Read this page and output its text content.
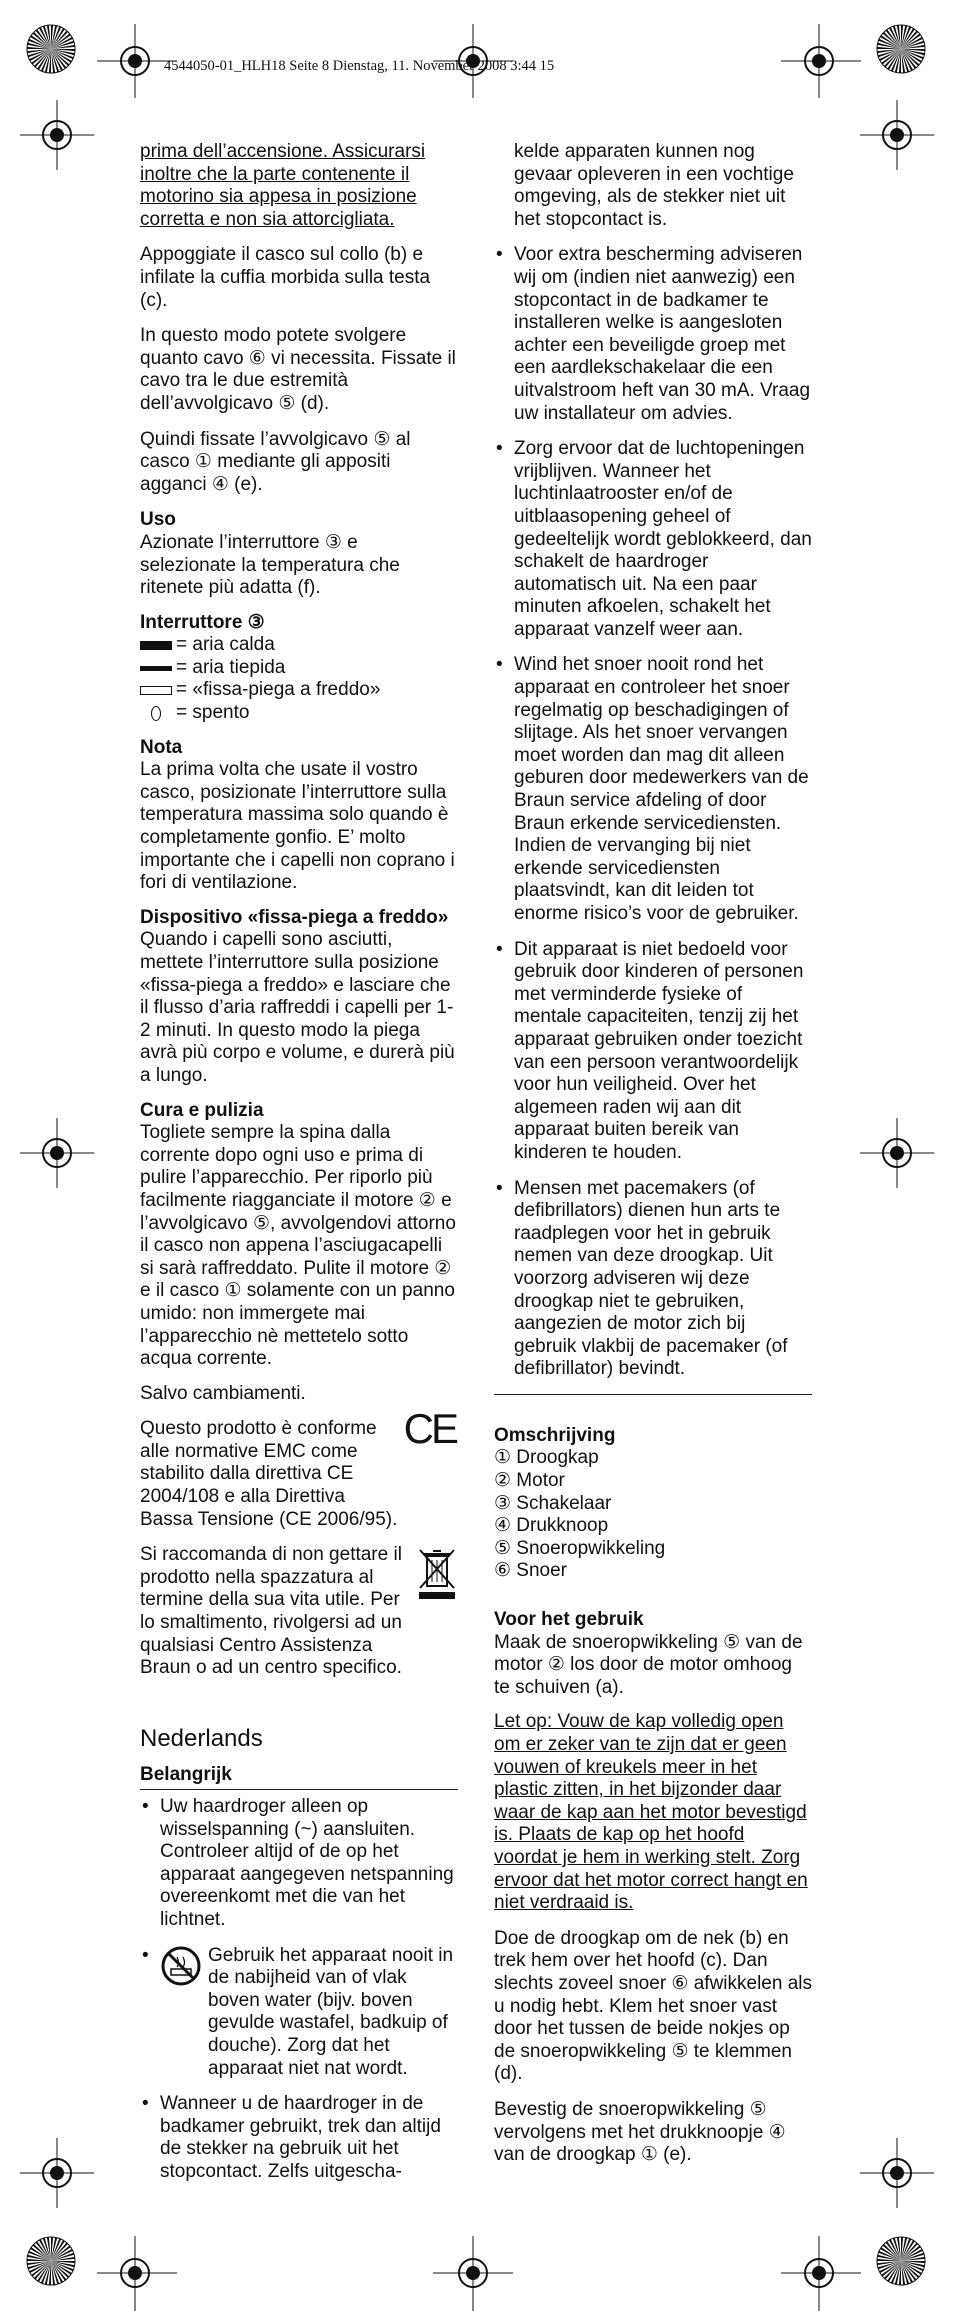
4544050-01_HLH18 Seite 8 Dienstag, 11. November 2008 3:44 15

prima dell’accensione. Assicurarsi inoltre che la parte contenente il motorino sia appesa in posizione corretta e non sia attorcigliata.

Appoggiate il casco sul collo (b) e infilate la cuffia morbida sulla testa (c).

In questo modo potete svolgere quanto cavo ⑥ vi necessita. Fissate il cavo tra le due estremità dell’avvolgicavo ⑤ (d).

Quindi fissate l’avvolgicavo ⑤ al casco ① mediante gli appositi agganci ④ (e).

Uso
Azionate l’interruttore ③ e selezionate la temperatura che ritenete più adatta (f).
Interruttore ③
= aria calda
= aria tiepida
= «fissa-piega a freddo»
= spento
Nota
La prima volta che usate il vostro casco, posizionate l’interruttore sulla temperatura massima solo quando è completamente gonfio. E’ molto importante che i capelli non coprano i fori di ventilazione.
Dispositivo «fissa-piega a freddo»
Quando i capelli sono asciutti, mettete l’interruttore sulla posizione «fissa-piega a freddo» e lasciare che il flusso d’aria raffreddi i capelli per 1-2 minuti. In questo modo la piega avrà più corpo e volume, e durerà più a lungo.
Cura e pulizia
Togliete sempre la spina dalla corrente dopo ogni uso e prima di pulire l’apparecchio. Per riporlo più facilmente riagganciate il motore ② e l’avvolgicavo ⑤, avvolgendovi attorno il casco non appena l’asciugacapelli si sarà raffreddato. Pulite il motore ② e il casco ① solamente con un panno umido: non immergete mai l’apparecchio nè mettetelo sotto acqua corrente.

Salvo cambiamenti.

Questo prodotto è conforme alle normative EMC come stabilito dalla direttiva CE 2004/108 e alla Direttiva Bassa Tensione (CE 2006/95).
CE
Si raccomanda di non gettare il prodotto nella spazzatura al termine della sua vita utile. Per lo smaltimento, rivolgersi ad un qualsiasi Centro Assistenza Braun o ad un centro specifico.
Nederlands
Belangrijk
• Uw haardroger alleen op wisselspanning (~) aansluiten. Controleer altijd of de op het apparaat aangegeven netspanning overeenkomt met die van het lichtnet.
• Gebruik het apparaat nooit in de nabijheid van of vlak boven water (bijv. boven gevulde wastafel, badkuip of douche). Zorg dat het apparaat niet nat wordt.
• Wanneer u de haardroger in de badkamer gebruikt, trek dan altijd de stekker na gebruik uit het stopcontact. Zelfs uitgescha-

kelde apparaten kunnen nog gevaar opleveren in een vochtige omgeving, als de stekker niet uit het stopcontact is.

• Voor extra bescherming adviseren wij om (indien niet aanwezig) een stopcontact in de badkamer te installeren welke is aangesloten achter een beveiligde groep met een aardlekschakelaar die een uitvalstroom heft van 30 mA. Vraag uw installateur om advies.
• Zorg ervoor dat de luchtopeningen vrijblijven. Wanneer het luchtinlaatrooster en/of de uitblaasopening geheel of gedeeltelijk wordt geblokkeerd, dan schakelt de haardroger automatisch uit. Na een paar minuten afkoelen, schakelt het apparaat vanzelf weer aan.
• Wind het snoer nooit rond het apparaat en controleer het snoer regelmatig op beschadigingen of slijtage. Als het snoer vervangen moet worden dan mag dit alleen geburen door medewerkers van de Braun service afdeling of door Braun erkende servicediensten. Indien de vervanging bij niet erkende servicediensten plaatsvindt, kan dit leiden tot enorme risico’s voor de gebruiker.
• Dit apparaat is niet bedoeld voor gebruik door kinderen of personen met verminderde fysieke of mentale capaciteiten, tenzij zij het apparaat gebruiken onder toezicht van een persoon verantwoordelijk voor hun veiligheid. Over het algemeen raden wij aan dit apparaat buiten bereik van kinderen te houden.
• Mensen met pacemakers (of defibrillators) dienen hun arts te raadplegen voor het in gebruik nemen van deze droogkap. Uit voorzorg adviseren wij deze droogkap niet te gebruiken, aangezien de motor zich bij gebruik vlakbij de pacemaker (of defibrillator) bevindt.
Omschrijving
① Droogkap
② Motor
③ Schakelaar
④ Drukknoop
⑤ Snoeropwikkeling
⑥ Snoer
Voor het gebruik
Maak de snoeropwikkeling ⑤ van de motor ② los door de motor omhoog te schuiven (a).

Let op: Vouw de kap volledig open om er zeker van te zijn dat er geen vouwen of kreukels meer in het plastic zitten, in het bijzonder daar waar de kap aan het motor bevestigd is. Plaats de kap op het hoofd voordat je hem in werking stelt. Zorg ervoor dat het motor correct hangt en niet verdraaid is.

Doe de droogkap om de nek (b) en trek hem over het hoofd (c). Dan slechts zoveel snoer ⑥ afwikkelen als u nodig hebt. Klem het snoer vast door het tussen de beide nokjes op de snoeropwikkeling ⑤ te klemmen (d).

Bevestig de snoeropwikkeling ⑤ vervolgens met het drukknoopje ④ van de droogkap ① (e).
